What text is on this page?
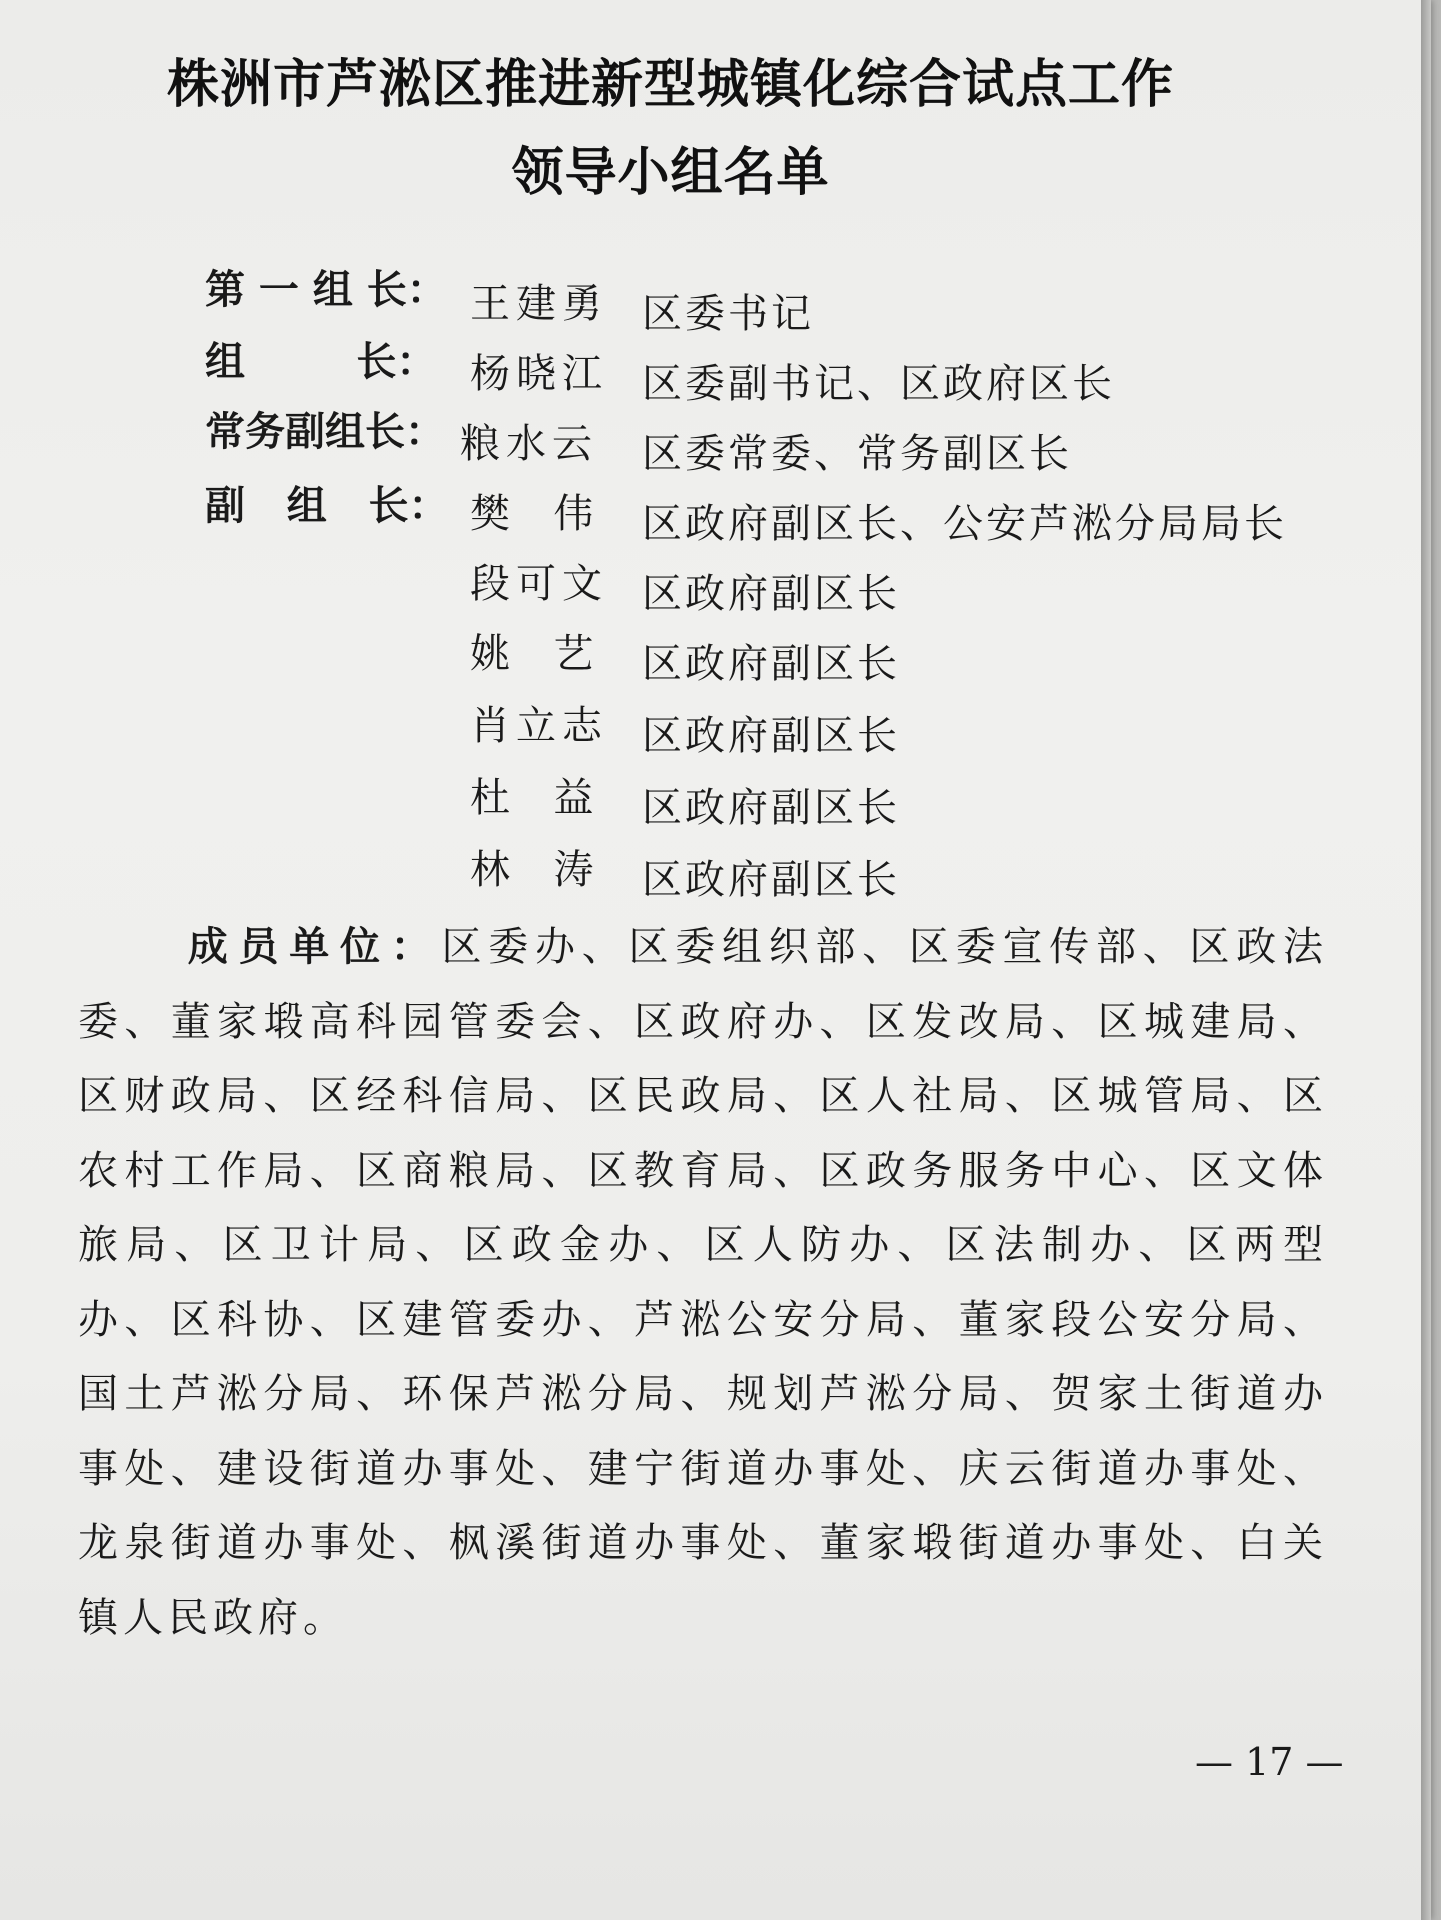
株洲市芦淞区推进新型城镇化综合试点工作
领导小组名单
第 一 组 长： 王建勇 区委书记
组        长： 杨晓江 区委副书记、区政府区长
常务副组长： 粮水云 区委常委、常务副区长
副   组   长： 樊  伟 区政府副区长、公安芦淞分局局长
段可文 区政府副区长
姚  艺 区政府副区长
肖立志 区政府副区长
杜  益 区政府副区长
林  涛 区政府副区长
成员单位：区委办、区委组织部、区委宣传部、区政法委、董家塅高科园管委会、区政府办、区发改局、区城建局、区财政局、区经科信局、区民政局、区人社局、区城管局、区农村工作局、区商粮局、区教育局、区政务服务中心、区文体旅局、区卫计局、区政金办、区人防办、区法制办、区两型办、区科协、区建管委办、芦淞公安分局、董家段公安分局、国土芦淞分局、环保芦淞分局、规划芦淞分局、贺家土街道办事处、建设街道办事处、建宁街道办事处、庆云街道办事处、龙泉街道办事处、枫溪街道办事处、董家塅街道办事处、白关镇人民政府。
— 17 —
